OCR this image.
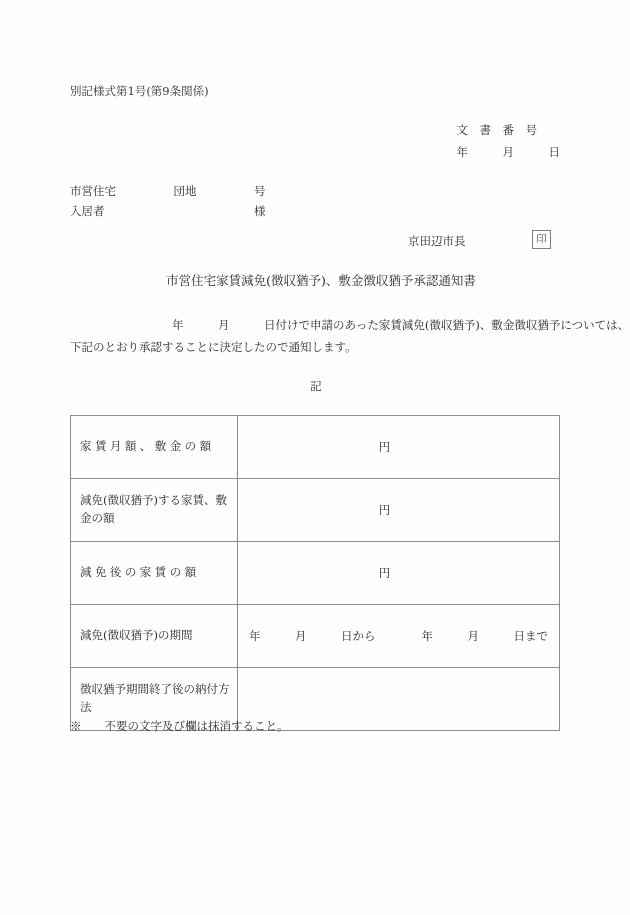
別記様式第1号(第9条関係)
文　書　番　号
年　　　月　　　日
市営住宅　　　　　団地　　　　　号
入居者　　　　　　　　　　　　　様
京田辺市長	印
市営住宅家賃減免(徴収猶予)、敷金徴収猶予承認通知書
　　　　年　　　月　　　日付けで申請のあった家賃減免(徴収猶予)、敷金徴収猶予については、
下記のとおり承認することに決定したので通知します。
記
家賃月額、敷金の額	円
減免(徴収猶予)する家賃、敷金の額	円
減免後の家賃の額	円
減免(徴収猶予)の期間	年　　　月　　　日から　　　　年　　　月　　　日まで
徴収猶予期間終了後の納付方法	
※　　不要の文字及び欄は抹消すること。
